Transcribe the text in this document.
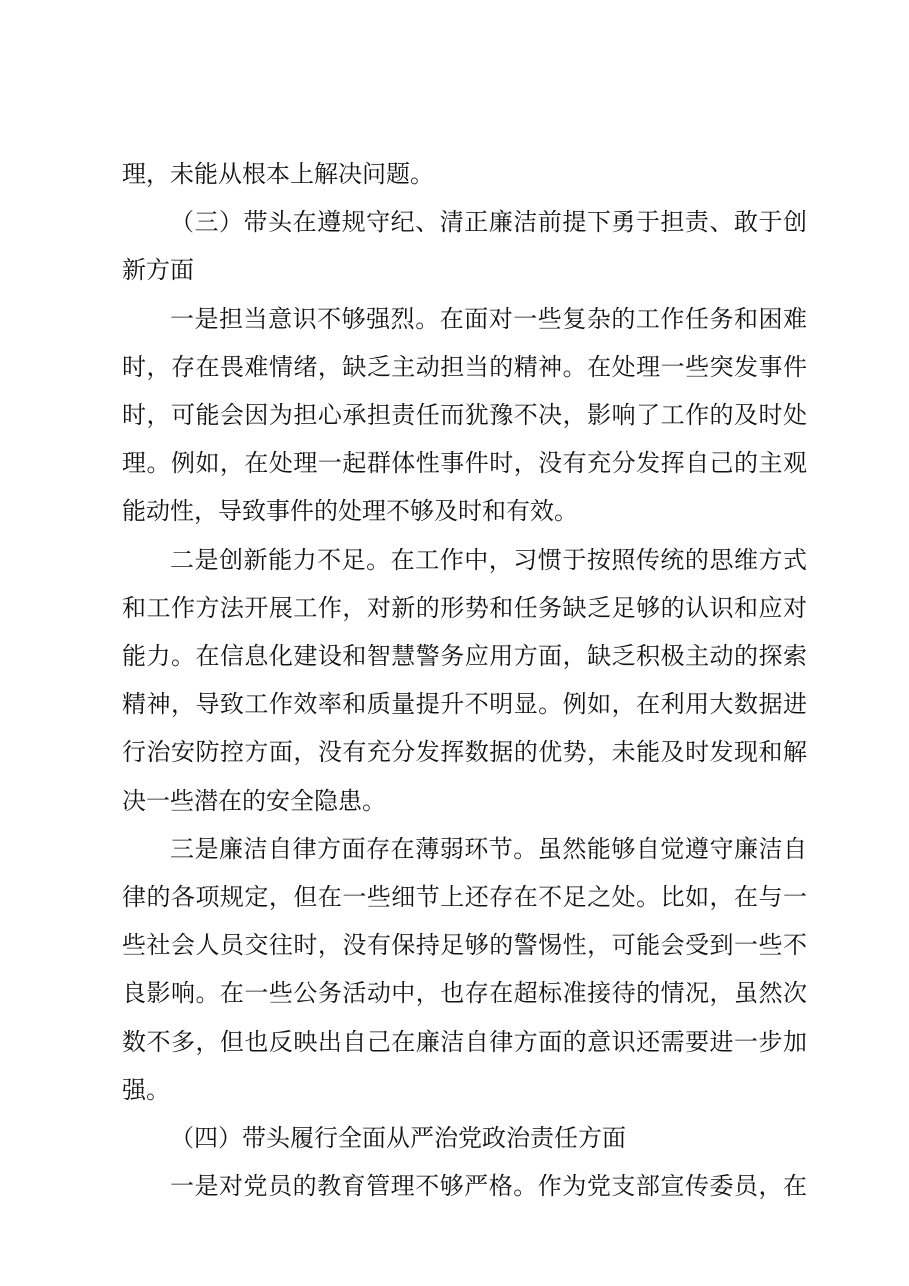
理，未能从根本上解决问题。

（三）带头在遵规守纪、清正廉洁前提下勇于担责、敢于创新方面

一是担当意识不够强烈。在面对一些复杂的工作任务和困难时，存在畏难情绪，缺乏主动担当的精神。在处理一些突发事件时，可能会因为担心承担责任而犹豫不决，影响了工作的及时处理。例如，在处理一起群体性事件时，没有充分发挥自己的主观能动性，导致事件的处理不够及时和有效。

二是创新能力不足。在工作中，习惯于按照传统的思维方式和工作方法开展工作，对新的形势和任务缺乏足够的认识和应对能力。在信息化建设和智慧警务应用方面，缺乏积极主动的探索精神，导致工作效率和质量提升不明显。例如，在利用大数据进行治安防控方面，没有充分发挥数据的优势，未能及时发现和解决一些潜在的安全隐患。

三是廉洁自律方面存在薄弱环节。虽然能够自觉遵守廉洁自律的各项规定，但在一些细节上还存在不足之处。比如，在与一些社会人员交往时，没有保持足够的警惕性，可能会受到一些不良影响。在一些公务活动中，也存在超标准接待的情况，虽然次数不多，但也反映出自己在廉洁自律方面的意识还需要进一步加强。

（四）带头履行全面从严治党政治责任方面

一是对党员的教育管理不够严格。作为党支部宣传委员，在
